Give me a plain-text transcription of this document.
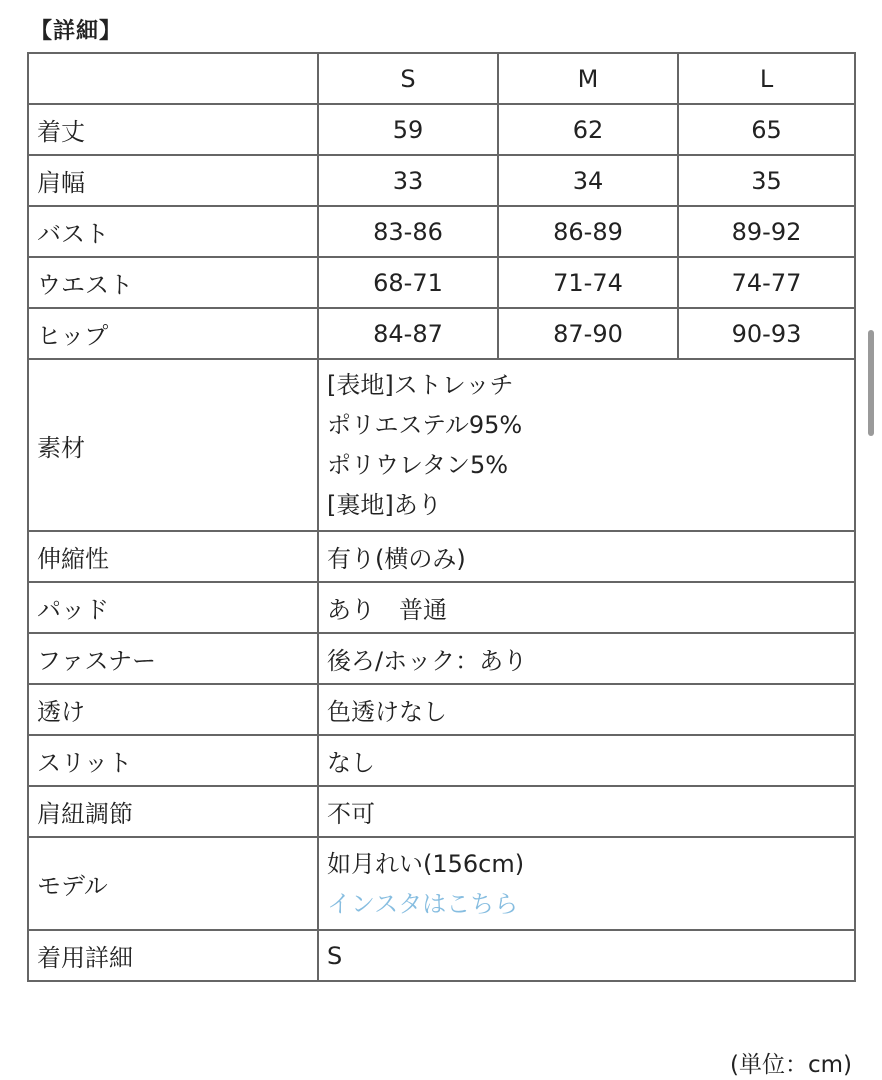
【詳細】
	S	M	L
着丈	59	62	65
肩幅	33	34	35
バスト	83-86	86-89	89-92
ウエスト	68-71	71-74	74-77
ヒップ	84-87	87-90	90-93
素材	[表地]ストレッチ
ポリエステル95%
ポリウレタン5%
[裏地]あり		

伸縮性	有り(横のみ)		
パッド	あり　普通		
ファスナー	後ろ/ホック：あり		
透け	色透けなし		
スリット	なし		
肩紐調節	不可		
モデル	如月れい(156cm)
インスタはこちら		

着用詳細	S		
(単位：cm)
